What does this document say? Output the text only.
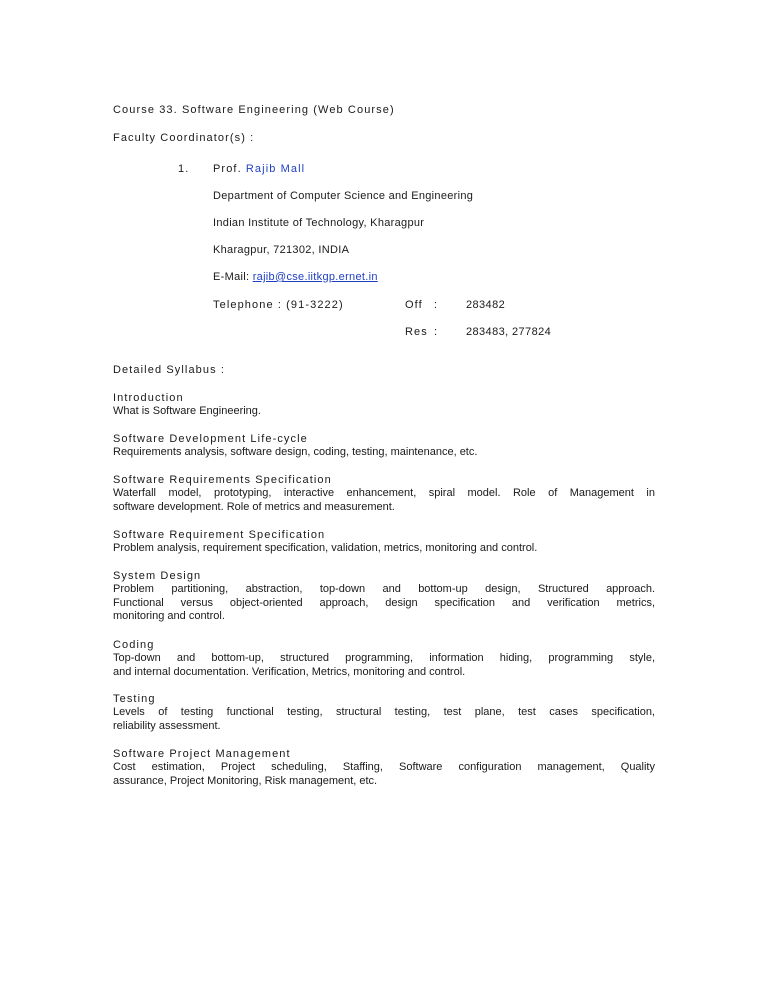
Course 33. Software Engineering (Web Course)
Faculty Coordinator(s) :
1. Prof. Rajib Mall
Department of Computer Science and Engineering
Indian Institute of Technology, Kharagpur
Kharagpur, 721302, INDIA
E-Mail: rajib@cse.iitkgp.ernet.in
Telephone : (91-3222)	Off :	283482
Res :	283483, 277824
Detailed Syllabus :
Introduction
What is Software Engineering.
Software Development Life-cycle
Requirements analysis, software design, coding, testing, maintenance, etc.
Software Requirements Specification
Waterfall model, prototyping, interactive enhancement, spiral model. Role of Management in
software development. Role of metrics and measurement.
Software Requirement Specification
Problem analysis, requirement specification, validation, metrics, monitoring and control.
System Design
Problem partitioning, abstraction, top-down and bottom-up design, Structured approach.
Functional versus object-oriented approach, design specification and verification metrics,
monitoring and control.
Coding
Top-down and bottom-up, structured programming, information hiding, programming style,
and internal documentation. Verification, Metrics, monitoring and control.
Testing
Levels of testing functional testing, structural testing, test plane, test cases specification,
reliability assessment.
Software Project Management
Cost estimation, Project scheduling, Staffing, Software configuration management, Quality
assurance, Project Monitoring, Risk management, etc.
